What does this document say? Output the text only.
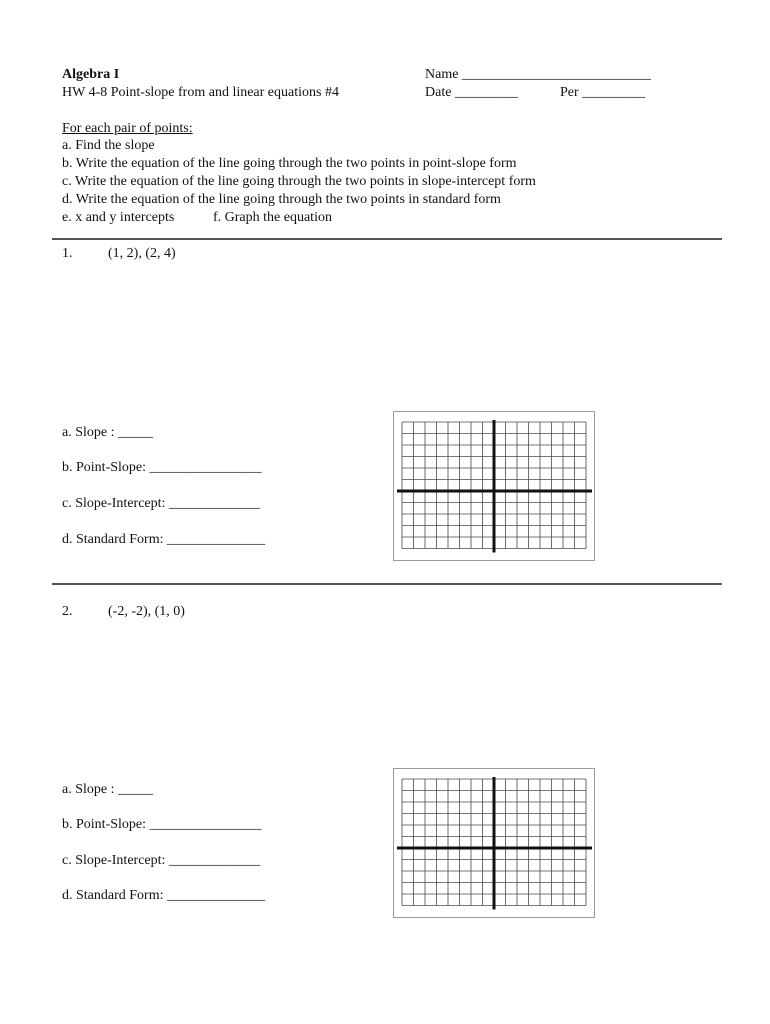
Algebra I
HW 4-8 Point-slope from and linear equations #4
Name ___________________________
Date _________	Per _________
For each pair of points:
a. Find the slope
b. Write the equation of the line going through the two points in point-slope form
c. Write the equation of the line going through the two points in slope-intercept form
d. Write the equation of the line going through the two points in standard form
e. x and y intercepts	f. Graph the equation
1.	(1, 2), (2, 4)
a. Slope : _____
b. Point-Slope: ________________
c. Slope-Intercept: _____________
d. Standard Form: ______________
2.	(-2, -2), (1, 0)
a. Slope : _____
b. Point-Slope: ________________
c. Slope-Intercept: _____________
d. Standard Form: ______________
